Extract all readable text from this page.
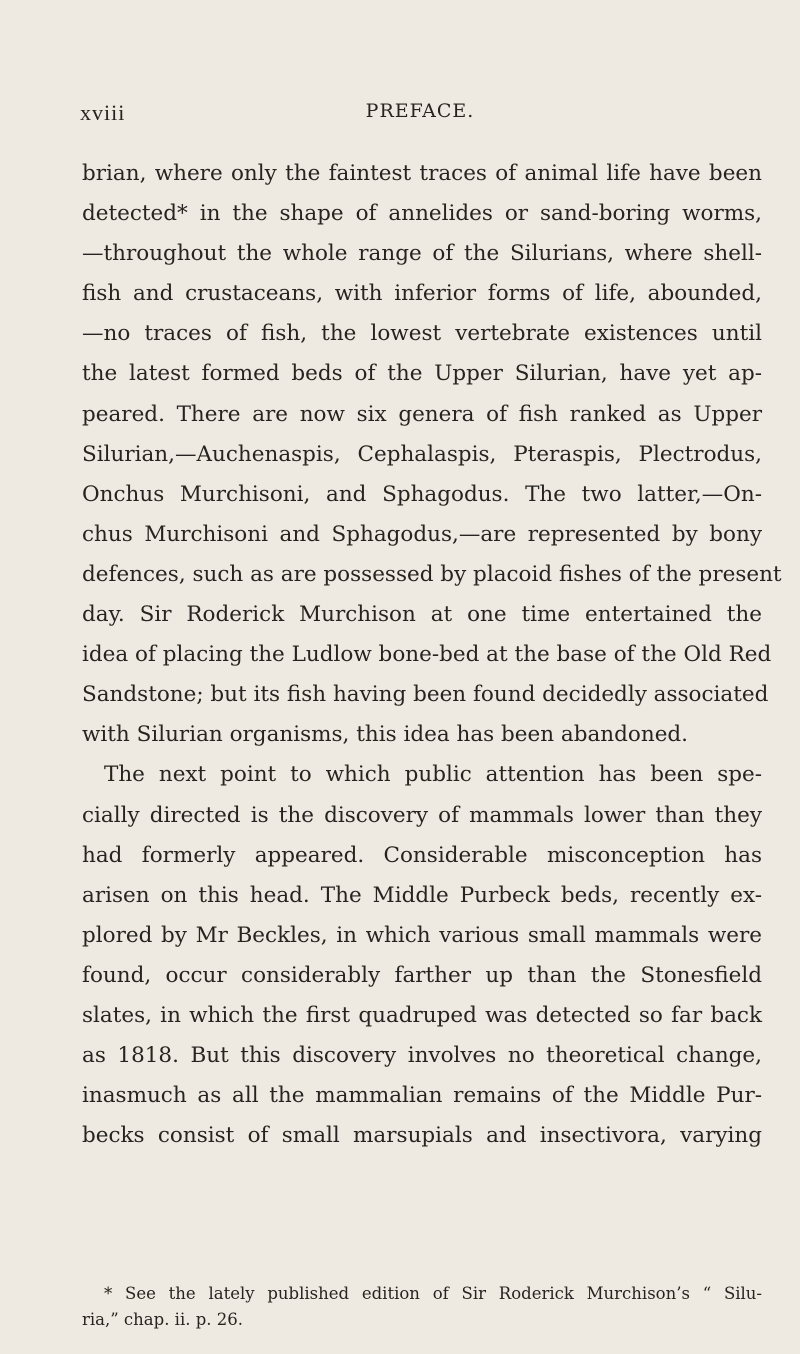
xviii	PREFACE.
brian, where only the faintest traces of animal life have been
detected* in the shape of annelides or sand-boring worms,
—throughout the whole range of the Silurians, where shell-
fish and crustaceans, with inferior forms of life, abounded,
—no traces of fish, the lowest vertebrate existences until
the latest formed beds of the Upper Silurian, have yet ap-
peared. There are now six genera of fish ranked as Upper
Silurian,—Auchenaspis, Cephalaspis, Pteraspis, Plectrodus,
Onchus Murchisoni, and Sphagodus. The two latter,—On-
chus Murchisoni and Sphagodus,—are represented by bony
defences, such as are possessed by placoid fishes of the present
day. Sir Roderick Murchison at one time entertained the
idea of placing the Ludlow bone-bed at the base of the Old Red
Sandstone; but its fish having been found decidedly associated
with Silurian organisms, this idea has been abandoned.
The next point to which public attention has been spe-
cially directed is the discovery of mammals lower than they
had formerly appeared. Considerable misconception has
arisen on this head. The Middle Purbeck beds, recently ex-
plored by Mr Beckles, in which various small mammals were
found, occur considerably farther up than the Stonesfield
slates, in which the first quadruped was detected so far back
as 1818. But this discovery involves no theoretical change,
inasmuch as all the mammalian remains of the Middle Pur-
becks consist of small marsupials and insectivora, varying
* See the lately published edition of Sir Roderick Murchison’s “ Silu-
ria,” chap. ii. p. 26.
